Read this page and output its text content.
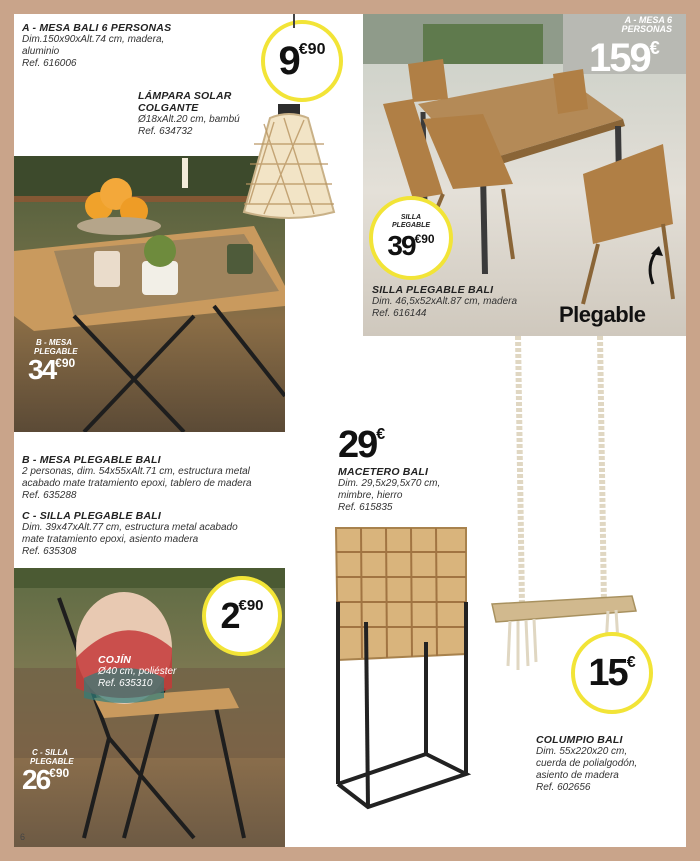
A - MESA BALI 6 PERSONAS
Dim.150x90xAlt.74 cm, madera,
aluminio
Ref. 616006	9€90
LÁMPARA SOLAR
COLGANTE
Ø18xAlt.20 cm, bambú
Ref. 634732
B - MESA
PLEGABLE
$34^{€90}$
A - MESA 6 PERSONAS
159€
SILLA
PLEGABLE
$39^{€90}$
SILLA PLEGABLE BALI
Dim. 46,5x52xAlt.87 cm, madera
Ref. 616144	Plegable
B - MESA PLEGABLE BALI
2 personas, dim. 54x55xAlt.71 cm, estructura metal
acabado mate tratamiento epoxi, tablero de madera
Ref. 635288
C - SILLA PLEGABLE BALI
Dim. 39x47xAlt.77 cm, estructura metal acabado
mate tratamiento epoxi, asiento madera
Ref. 635308
2€90
COJÍN
Ø40 cm, poliéster
Ref. 635310
C - SILLA
PLEGABLE
$26^{€90}$
6
29€
MACETERO BALI
Dim. 29,5x29,5x70 cm,
mimbre, hierro
Ref. 615835
15€
COLUMPIO BALI
Dim. 55x220x20 cm,
cuerda de polialgodón,
asiento de madera
Ref. 602656
